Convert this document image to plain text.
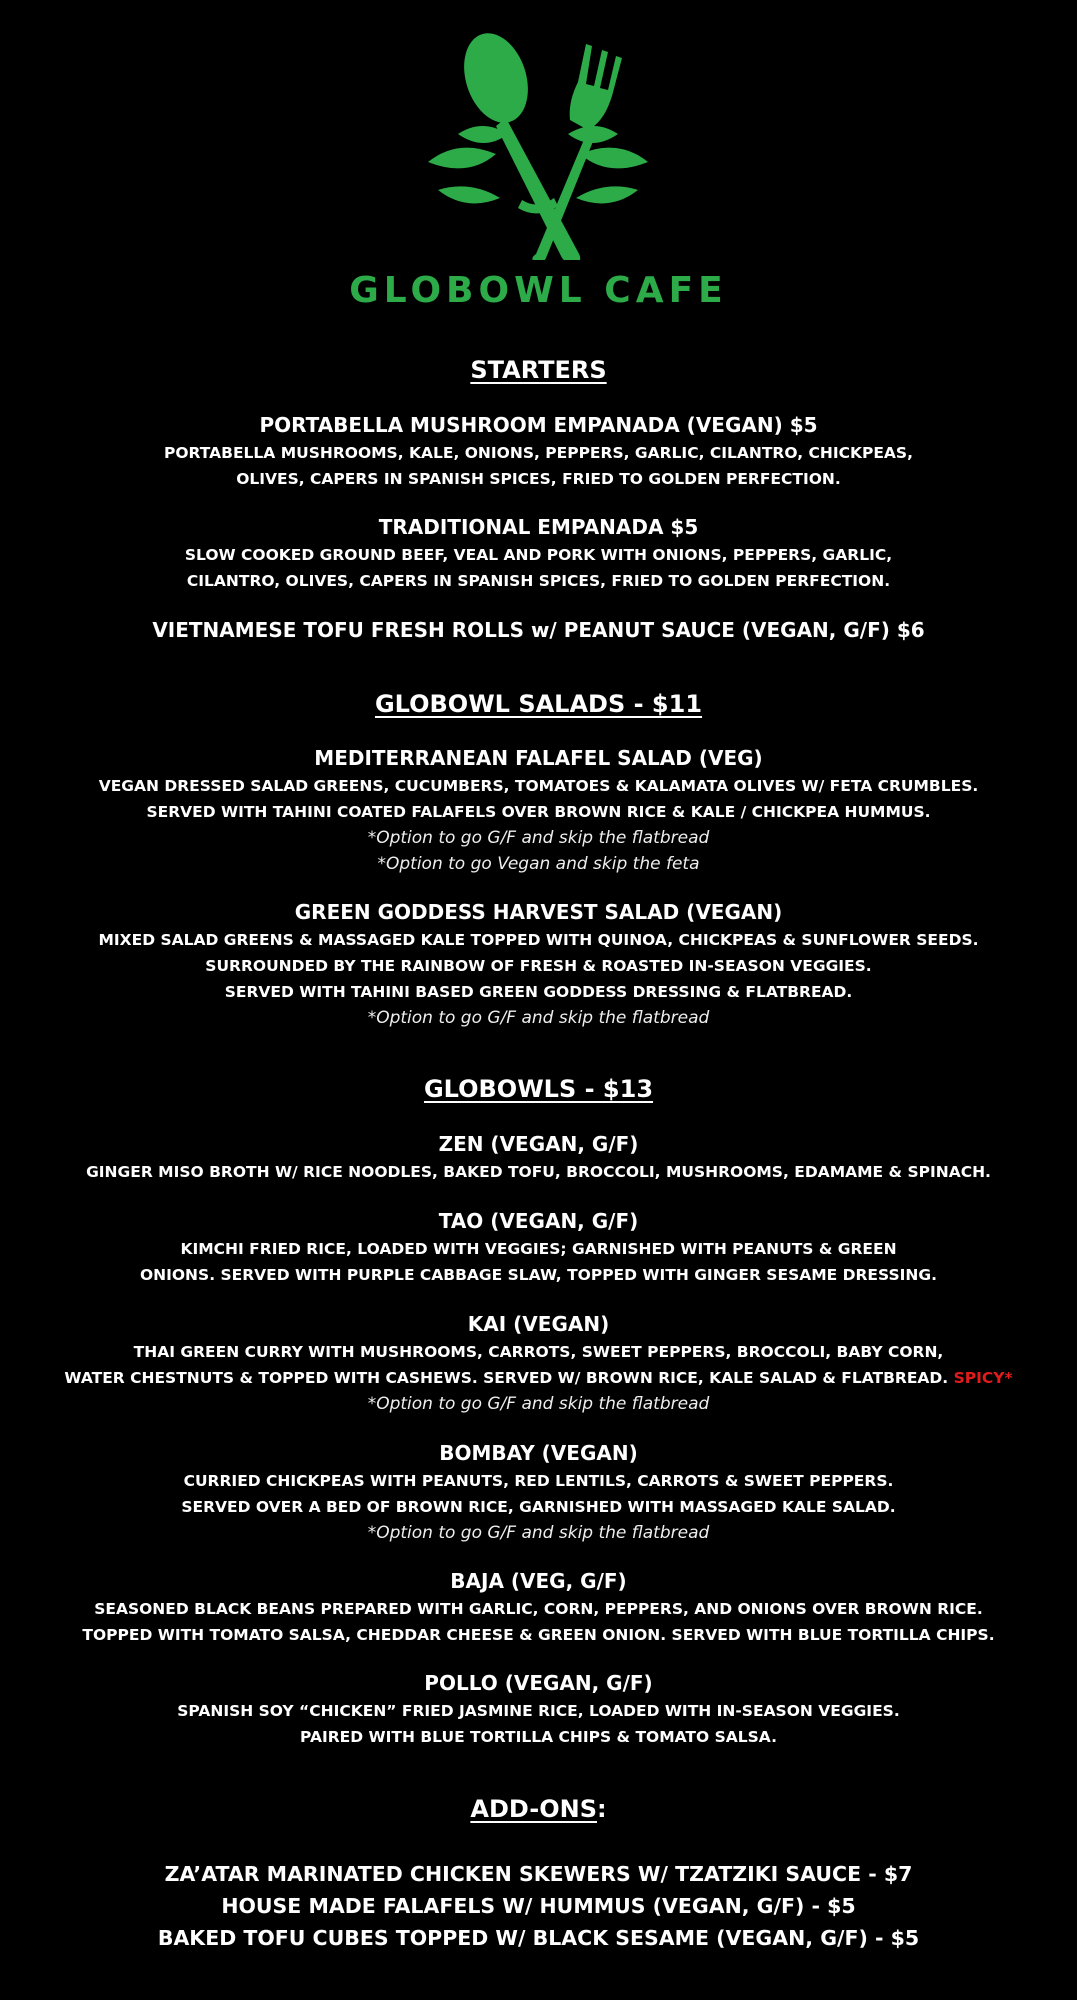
GLOBOWL CAFE

STARTERS

PORTABELLA MUSHROOM EMPANADA (VEGAN) $5

PORTABELLA MUSHROOMS, KALE, ONIONS, PEPPERS, GARLIC, CILANTRO, CHICKPEAS,

OLIVES, CAPERS IN SPANISH SPICES, FRIED TO GOLDEN PERFECTION.

TRADITIONAL EMPANADA $5

SLOW COOKED GROUND BEEF, VEAL AND PORK WITH ONIONS, PEPPERS, GARLIC,

CILANTRO, OLIVES, CAPERS IN SPANISH SPICES, FRIED TO GOLDEN PERFECTION.

VIETNAMESE TOFU FRESH ROLLS w/ PEANUT SAUCE (VEGAN, G/F) $6

GLOBOWL SALADS - $11

MEDITERRANEAN FALAFEL SALAD (VEG)

VEGAN DRESSED SALAD GREENS, CUCUMBERS, TOMATOES & KALAMATA OLIVES W/ FETA CRUMBLES.

SERVED WITH TAHINI COATED FALAFELS OVER BROWN RICE & KALE / CHICKPEA HUMMUS.

*Option to go G/F and skip the flatbread

*Option to go Vegan and skip the feta

GREEN GODDESS HARVEST SALAD (VEGAN)

MIXED SALAD GREENS & MASSAGED KALE TOPPED WITH QUINOA, CHICKPEAS & SUNFLOWER SEEDS.

SURROUNDED BY THE RAINBOW OF FRESH & ROASTED IN-SEASON VEGGIES.

SERVED WITH TAHINI BASED GREEN GODDESS DRESSING & FLATBREAD.

*Option to go G/F and skip the flatbread

GLOBOWLS - $13

ZEN (VEGAN, G/F)

GINGER MISO BROTH W/ RICE NOODLES, BAKED TOFU, BROCCOLI, MUSHROOMS, EDAMAME & SPINACH.

TAO (VEGAN, G/F)

KIMCHI FRIED RICE, LOADED WITH VEGGIES; GARNISHED WITH PEANUTS & GREEN

ONIONS. SERVED WITH PURPLE CABBAGE SLAW, TOPPED WITH GINGER SESAME DRESSING.

KAI (VEGAN)

THAI GREEN CURRY WITH MUSHROOMS, CARROTS, SWEET PEPPERS, BROCCOLI, BABY CORN,

WATER CHESTNUTS & TOPPED WITH CASHEWS. SERVED W/ BROWN RICE, KALE SALAD & FLATBREAD. SPICY*

*Option to go G/F and skip the flatbread

BOMBAY (VEGAN)

CURRIED CHICKPEAS WITH PEANUTS, RED LENTILS, CARROTS & SWEET PEPPERS.

SERVED OVER A BED OF BROWN RICE, GARNISHED WITH MASSAGED KALE SALAD.

*Option to go G/F and skip the flatbread

BAJA (VEG, G/F)

SEASONED BLACK BEANS PREPARED WITH GARLIC, CORN, PEPPERS, AND ONIONS OVER BROWN RICE.

TOPPED WITH TOMATO SALSA, CHEDDAR CHEESE & GREEN ONION. SERVED WITH BLUE TORTILLA CHIPS.

POLLO (VEGAN, G/F)

SPANISH SOY “CHICKEN” FRIED JASMINE RICE, LOADED WITH IN-SEASON VEGGIES.

PAIRED WITH BLUE TORTILLA CHIPS & TOMATO SALSA.

ADD-ONS:

ZA’ATAR MARINATED CHICKEN SKEWERS W/ TZATZIKI SAUCE - $7

HOUSE MADE FALAFELS W/ HUMMUS (VEGAN, G/F) - $5

BAKED TOFU CUBES TOPPED W/ BLACK SESAME (VEGAN, G/F) - $5
